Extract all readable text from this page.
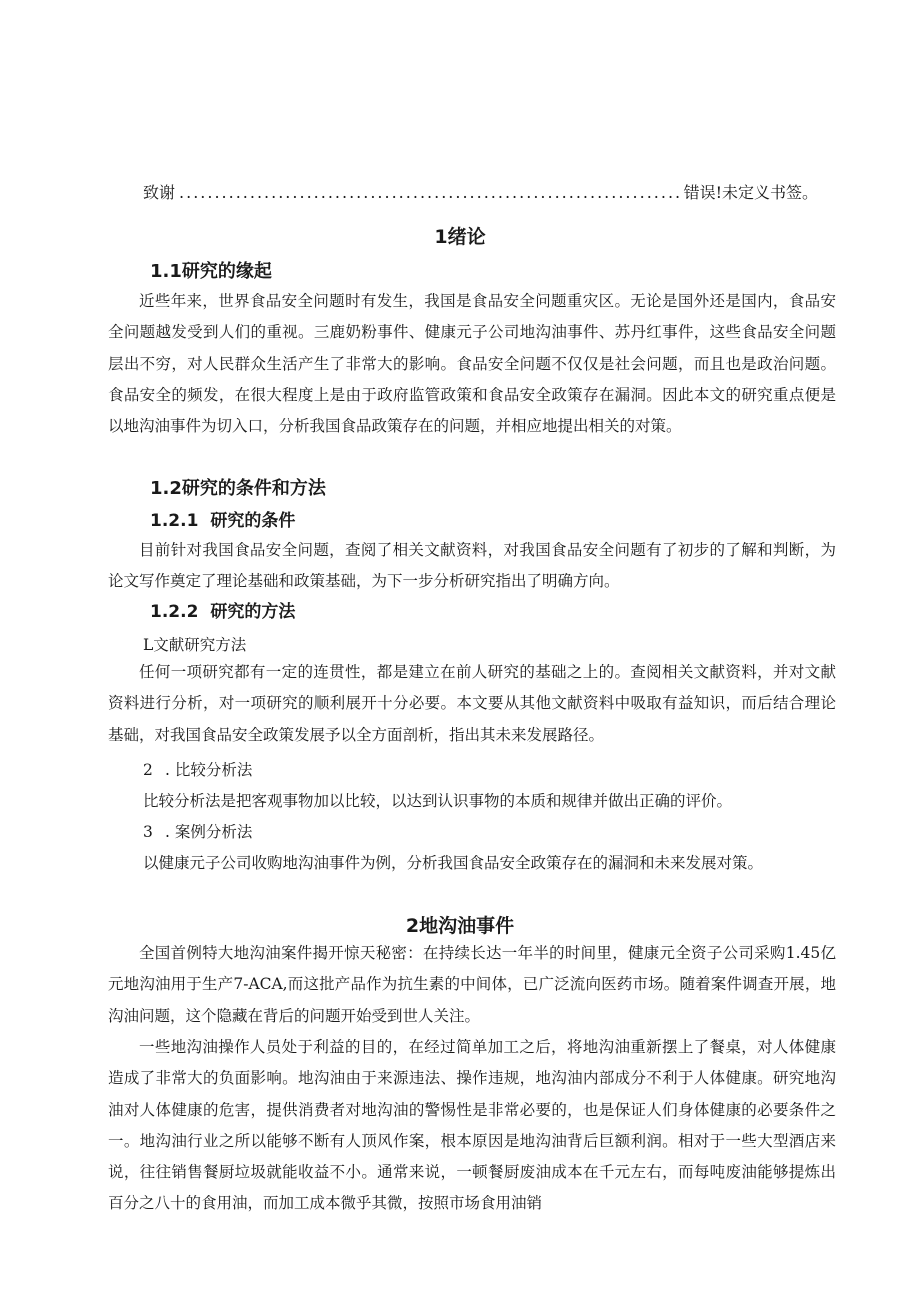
致谢
.....	错误!未定义书签。
1绪论
1.1研究的缘起
近些年来，世界食品安全问题时有发生，我国是食品安全问题重灾区。无论是国外还是国内，食品安全问题越发受到人们的重视。三鹿奶粉事件、健康元子公司地沟油事件、苏丹红事件，这些食品安全问题层出不穷，对人民群众生活产生了非常大的影响。食品安全问题不仅仅是社会问题，而且也是政治问题。食品安全的频发，在很大程度上是由于政府监管政策和食品安全政策存在漏洞。因此本文的研究重点便是以地沟油事件为切入口，分析我国食品政策存在的问题，并相应地提出相关的对策。
1.2研究的条件和方法
1.2.1 研究的条件
目前针对我国食品安全问题，查阅了相关文献资料，对我国食品安全问题有了初步的了解和判断，为论文写作奠定了理论基础和政策基础，为下一步分析研究指出了明确方向。
1.2.2 研究的方法
L文献研究方法
任何一项研究都有一定的连贯性，都是建立在前人研究的基础之上的。查阅相关文献资料，并对文献资料进行分析，对一项研究的顺利展开十分必要。本文要从其他文献资料中吸取有益知识，而后结合理论基础，对我国食品安全政策发展予以全方面剖析，指出其未来发展路径。
2 . 比较分析法
比较分析法是把客观事物加以比较，以达到认识事物的本质和规律并做出正确的评价。
3 . 案例分析法
以健康元子公司收购地沟油事件为例，分析我国食品安全政策存在的漏洞和未来发展对策。
2地沟油事件
全国首例特大地沟油案件揭开惊天秘密：在持续长达一年半的时间里，健康元全资子公司采购1.45亿元地沟油用于生产7-ACA,而这批产品作为抗生素的中间体，已广泛流向医药市场。随着案件调查开展，地沟油问题，这个隐藏在背后的问题开始受到世人关注。
一些地沟油操作人员处于利益的目的，在经过简单加工之后，将地沟油重新摆上了餐桌，对人体健康造成了非常大的负面影响。地沟油由于来源违法、操作违规，地沟油内部成分不利于人体健康。研究地沟油对人体健康的危害，提供消费者对地沟油的警惕性是非常必要的，也是保证人们身体健康的必要条件之一。地沟油行业之所以能够不断有人顶风作案，根本原因是地沟油背后巨额利润。相对于一些大型酒店来说，往往销售餐厨垃圾就能收益不小。通常来说，一顿餐厨废油成本在千元左右，而每吨废油能够提炼出百分之八十的食用油，而加工成本微乎其微，按照市场食用油销
